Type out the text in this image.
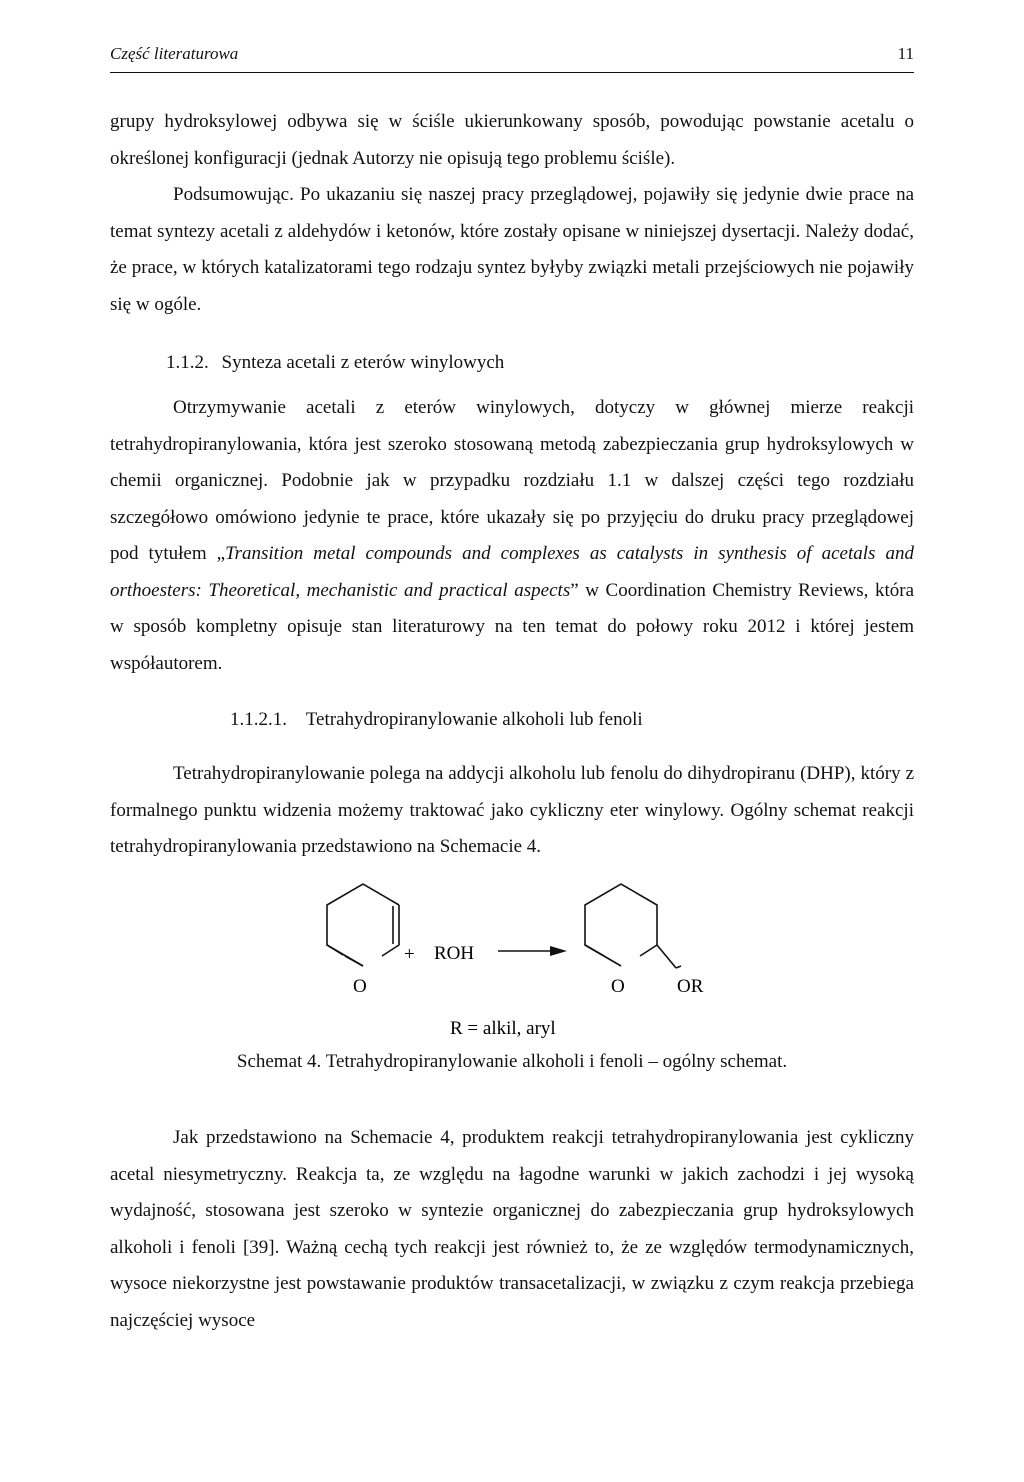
Część literaturowa	11

grupy hydroksylowej odbywa się w ściśle ukierunkowany sposób, powodując powstanie acetalu o określonej konfiguracji (jednak Autorzy nie opisują tego problemu ściśle).

Podsumowując. Po ukazaniu się naszej pracy przeglądowej, pojawiły się jedynie dwie prace na temat syntezy acetali z aldehydów i ketonów, które zostały opisane w niniejszej dysertacji. Należy dodać, że prace, w których katalizatorami tego rodzaju syntez byłyby związki metali przejściowych nie pojawiły się w ogóle.

1.1.2. Synteza acetali z eterów winylowych

Otrzymywanie acetali z eterów winylowych, dotyczy w głównej mierze reakcji tetrahydropiranylowania, która jest szeroko stosowaną metodą zabezpieczania grup hydroksylowych w chemii organicznej. Podobnie jak w przypadku rozdziału 1.1 w dalszej części tego rozdziału szczegółowo omówiono jedynie te prace, które ukazały się po przyjęciu do druku pracy przeglądowej pod tytułem „Transition metal compounds and complexes as catalysts in synthesis of acetals and orthoesters: Theoretical, mechanistic and practical aspects” w Coordination Chemistry Reviews, która w sposób kompletny opisuje stan literaturowy na ten temat do połowy roku 2012 i której jestem współautorem.

1.1.2.1. Tetrahydropiranylowanie alkoholi lub fenoli

Tetrahydropiranylowanie polega na addycji alkoholu lub fenolu do dihydropiranu (DHP), który z formalnego punktu widzenia możemy traktować jako cykliczny eter winylowy. Ogólny schemat reakcji tetrahydropiranylowania przedstawiono na Schemacie 4.

O
+ ROH
O	OR
R = alkil, aryl

Schemat 4. Tetrahydropiranylowanie alkoholi i fenoli – ogólny schemat.

Jak przedstawiono na Schemacie 4, produktem reakcji tetrahydropiranylowania jest cykliczny acetal niesymetryczny. Reakcja ta, ze względu na łagodne warunki w jakich zachodzi i jej wysoką wydajność, stosowana jest szeroko w syntezie organicznej do zabezpieczania grup hydroksylowych alkoholi i fenoli [39]. Ważną cechą tych reakcji jest również to, że ze względów termodynamicznych, wysoce niekorzystne jest powstawanie produktów transacetalizacji, w związku z czym reakcja przebiega najczęściej wysoce
